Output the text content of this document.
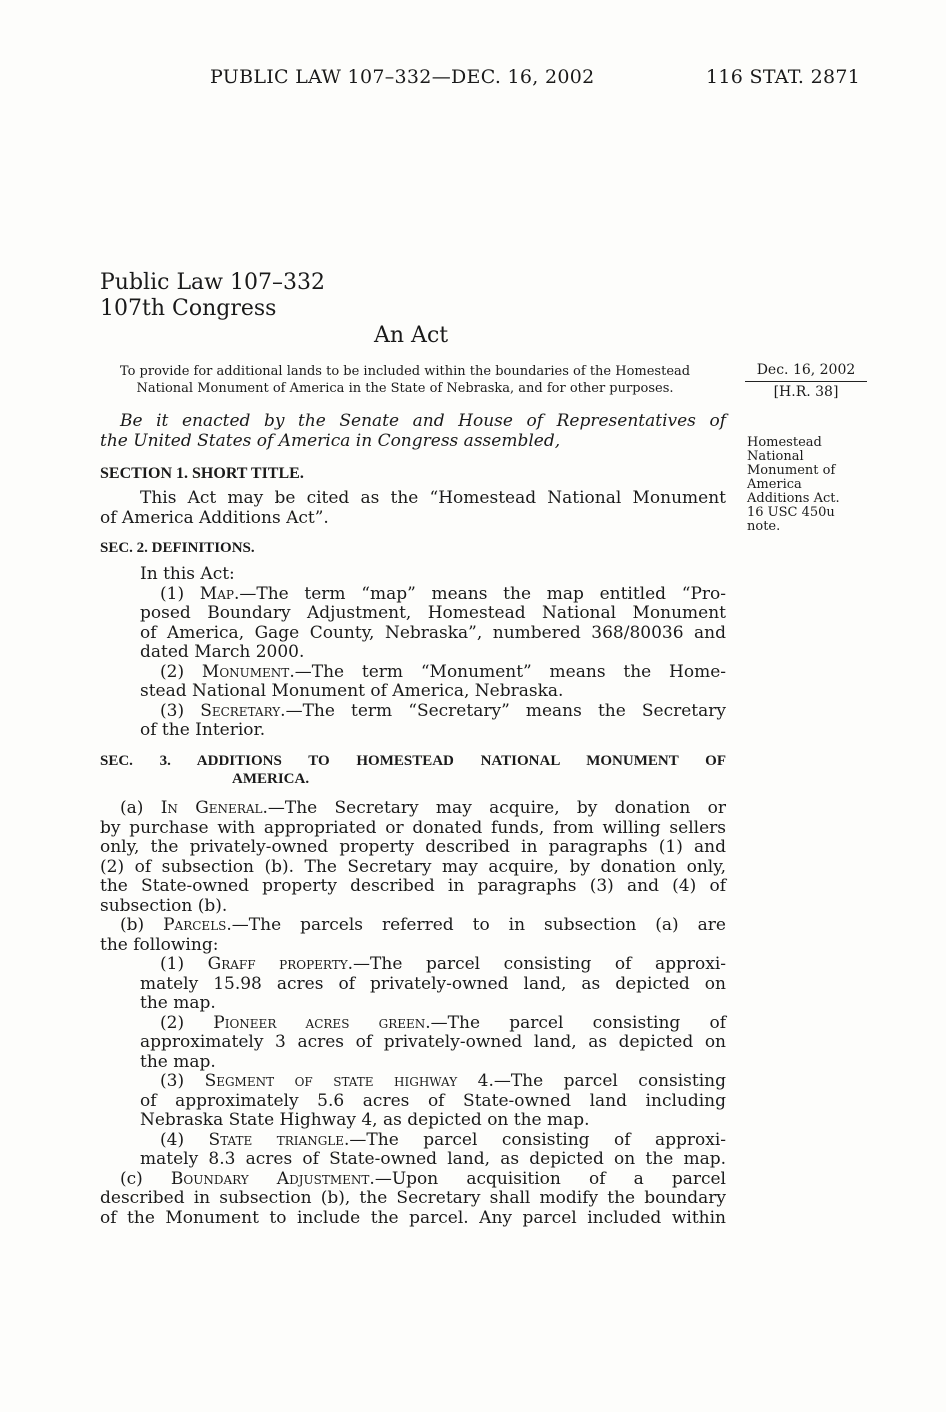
PUBLIC LAW 107–332—DEC. 16, 2002	116 STAT. 2871
Public Law 107–332
107th Congress
An Act
To provide for additional lands to be included within the boundaries of the Homestead
National Monument of America in the State of Nebraska, and for other purposes.
Dec. 16, 2002
[H.R. 38]
Homestead
National
Monument of
America
Additions Act.
16 USC 450u
note.
Be it enacted by the Senate and House of Representatives of
the United States of America in Congress assembled,
SECTION 1. SHORT TITLE.
This Act may be cited as the “Homestead National Monument
of America Additions Act”.
SEC. 2. DEFINITIONS.
In this Act:
(1) Map.—The term “map” means the map entitled “Pro-
posed Boundary Adjustment, Homestead National Monument
of America, Gage County, Nebraska”, numbered 368/80036 and
dated March 2000.
(2) Monument.—The term “Monument” means the Home-
stead National Monument of America, Nebraska.
(3) Secretary.—The term “Secretary” means the Secretary
of the Interior.
SEC. 3. ADDITIONS TO HOMESTEAD NATIONAL MONUMENT OF
AMERICA.
(a) In General.—The Secretary may acquire, by donation or
by purchase with appropriated or donated funds, from willing sellers
only, the privately-owned property described in paragraphs (1) and
(2) of subsection (b). The Secretary may acquire, by donation only,
the State-owned property described in paragraphs (3) and (4) of
subsection (b).
(b) Parcels.—The parcels referred to in subsection (a) are
the following:
(1) Graff property.—The parcel consisting of approxi-
mately 15.98 acres of privately-owned land, as depicted on
the map.
(2) Pioneer acres green.—The parcel consisting of
approximately 3 acres of privately-owned land, as depicted on
the map.
(3) Segment of state highway 4.—The parcel consisting
of approximately 5.6 acres of State-owned land including
Nebraska State Highway 4, as depicted on the map.
(4) State triangle.—The parcel consisting of approxi-
mately 8.3 acres of State-owned land, as depicted on the map.
(c) Boundary Adjustment.—Upon acquisition of a parcel
described in subsection (b), the Secretary shall modify the boundary
of the Monument to include the parcel. Any parcel included within
